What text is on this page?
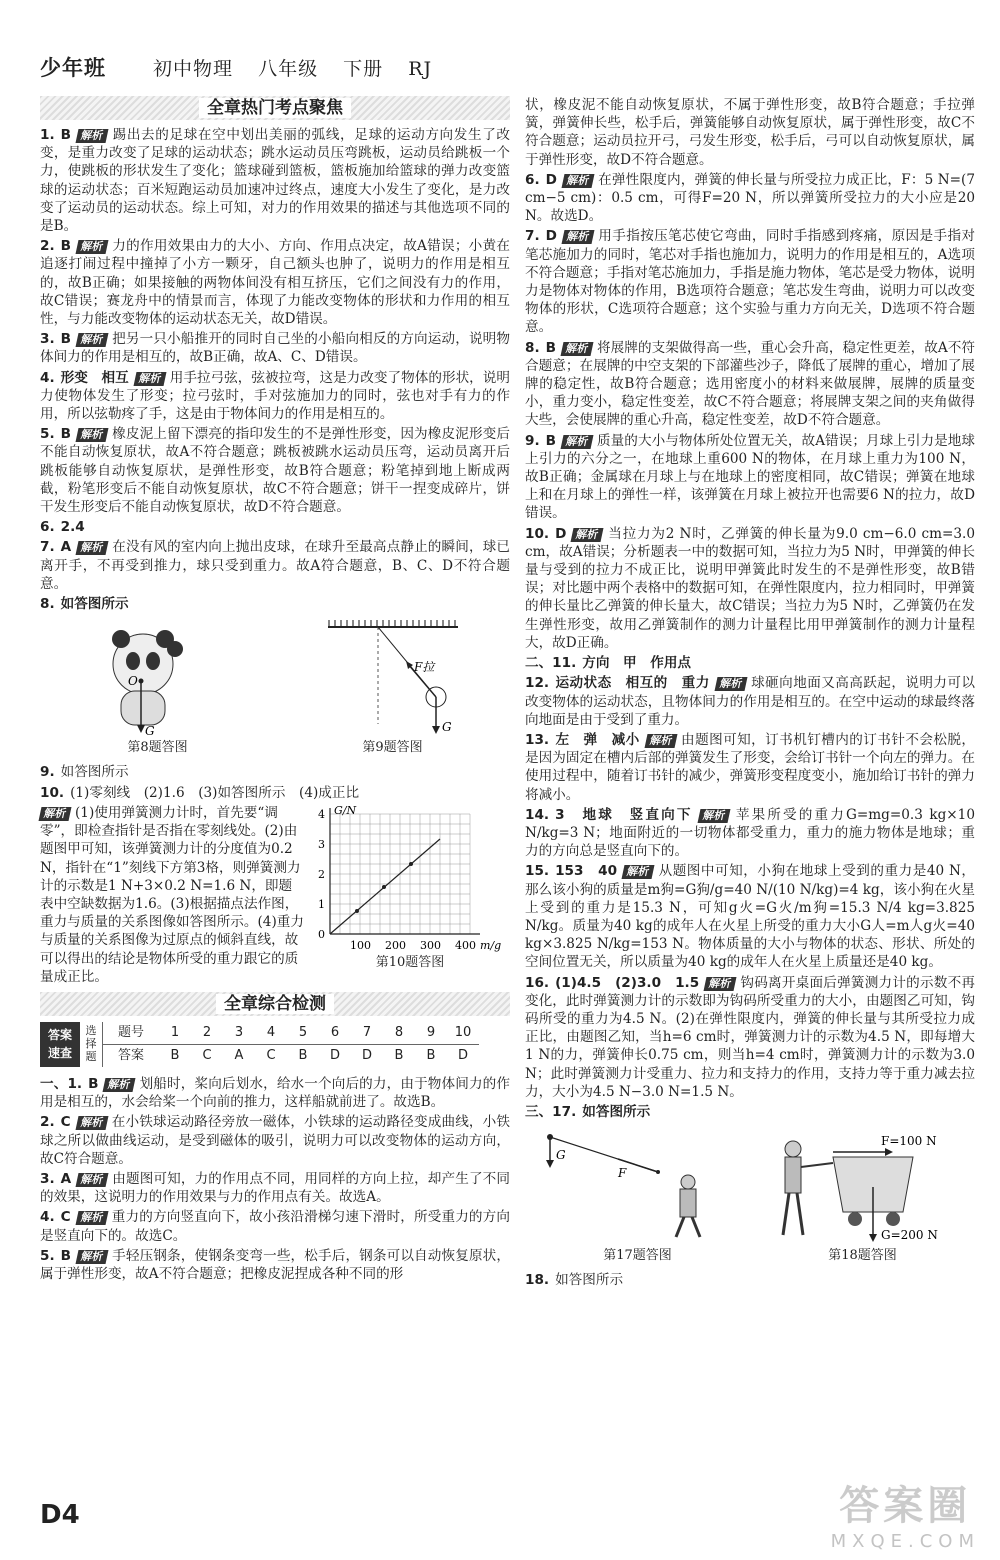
少年班 初中物理 八年级 下册 RJ
全章热门考点聚焦
1. B 解析 踢出去的足球在空中划出美丽的弧线，足球的运动方向发生了改变，是重力改变了足球的运动状态；跳水运动员压弯跳板，运动员给跳板一个力，使跳板的形状发生了变化；篮球碰到篮板，篮板施加给篮球的弹力改变篮球的运动状态；百米短跑运动员加速冲过终点，速度大小发生了变化，是力改变了运动员的运动状态。综上可知，对力的作用效果的描述与其他选项不同的是B。
2. B 解析 力的作用效果由力的大小、方向、作用点决定，故A错误；小黄在追逐打闹过程中撞掉了小方一颗牙，自己额头也肿了，说明力的作用是相互的，故B正确；如果接触的两物体间没有相互挤压，它们之间没有力的作用，故C错误；赛龙舟中的情景而言，体现了力能改变物体的形状和力作用的相互性，与力能改变物体的运动状态无关，故D错误。
3. B 解析 把另一只小船推开的同时自己坐的小船向相反的方向运动，说明物体间力的作用是相互的，故B正确，故A、C、D错误。
4. 形变　相互 解析 用手拉弓弦，弦被拉弯，这是力改变了物体的形状，说明力使物体发生了形变；拉弓弦时，手对弦施加力的同时，弦也对手有力的作用，所以弦勒疼了手，这是由于物体间力的作用是相互的。
5. B 解析 橡皮泥上留下漂亮的指印发生的不是弹性形变，因为橡皮泥形变后不能自动恢复原状，故A不符合题意；跳板被跳水运动员压弯，运动员离开后跳板能够自动恢复原状，是弹性形变，故B符合题意；粉笔掉到地上断成两截，粉笔形变后不能自动恢复原状，故C不符合题意；饼干一捏变成碎片，饼干发生形变后不能自动恢复原状，故D不符合题意。
6. 2.4
7. A 解析 在没有风的室内向上抛出皮球，在球升至最高点静止的瞬间，球已离开手，不再受到推力，球只受到重力。故A符合题意，B、C、D不符合题意。
8. 如答图所示
O
G
第8题答图
F拉
G
第9题答图
9. 如答图所示
10. (1)零刻线　(2)1.6　(3)如答图所示　(4)成正比
解析 (1)使用弹簧测力计时，首先要“调零”，即检查指针是否指在零刻线处。(2)由题图甲可知，该弹簧测力计的分度值为0.2 N，指针在“1”刻线下方第3格，则弹簧测力计的示数是1 N+3×0.2 N=1.6 N，即题表中空缺数据为1.6。(3)根据描点法作图，重力与质量的关系图像如答图所示。(4)重力与质量的关系图像为过原点的倾斜直线，故可以得出的结论是物体所受的重力跟它的质量成正比。
G/N
0
1
2
3
4
100 200 300 400 m/g
第10题答图
全章综合检测
答案
速查
选择题
题号	1	2	3	4	5	6	7	8	9	10
答案	B	C	A	C	B	D	D	B	B	D
一、1. B 解析 划船时，桨向后划水，给水一个向后的力，由于物体间力的作用是相互的，水会给桨一个向前的推力，这样船就前进了。故选B。
2. C 解析 在小铁球运动路径旁放一磁体，小铁球的运动路径变成曲线，小铁球之所以做曲线运动，是受到磁体的吸引，说明力可以改变物体的运动方向，故C符合题意。
3. A 解析 由题图可知，力的作用点不同，用同样的方向上拉，却产生了不同的效果，这说明力的作用效果与力的作用点有关。故选A。
4. C 解析 重力的方向竖直向下，故小孩沿滑梯匀速下滑时，所受重力的方向是竖直向下的。故选C。
5. B 解析 手轻压钢条，使钢条变弯一些，松手后，钢条可以自动恢复原状，属于弹性形变，故A不符合题意；把橡皮泥捏成各种不同的形
状，橡皮泥不能自动恢复原状，不属于弹性形变，故B符合题意；手拉弹簧，弹簧伸长些，松手后，弹簧能够自动恢复原状，属于弹性形变，故C不符合题意；运动员拉开弓，弓发生形变，松手后，弓可以自动恢复原状，属于弹性形变，故D不符合题意。
6. D 解析 在弹性限度内，弹簧的伸长量与所受拉力成正比，F：5 N=(7 cm−5 cm)：0.5 cm，可得F=20 N，所以弹簧所受拉力的大小应是20 N。故选D。
7. D 解析 用手指按压笔芯使它弯曲，同时手指感到疼痛，原因是手指对笔芯施加力的同时，笔芯对手指也施加力，说明力的作用是相互的，A选项不符合题意；手指对笔芯施加力，手指是施力物体，笔芯是受力物体，说明力是物体对物体的作用，B选项符合题意；笔芯发生弯曲，说明力可以改变物体的形状，C选项符合题意；这个实验与重力方向无关，D选项不符合题意。
8. B 解析 将展牌的支架做得高一些，重心会升高，稳定性更差，故A不符合题意；在展牌的中空支架的下部灌些沙子，降低了展牌的重心，增加了展牌的稳定性，故B符合题意；选用密度小的材料来做展牌，展牌的质量变小，重力变小，稳定性变差，故C不符合题意；将展牌支架之间的夹角做得大些，会使展牌的重心升高，稳定性变差，故D不符合题意。
9. B 解析 质量的大小与物体所处位置无关，故A错误；月球上引力是地球上引力的六分之一，在地球上重600 N的物体，在月球上重力为100 N，故B正确；金属球在月球上与在地球上的密度相同，故C错误；弹簧在地球上和在月球上的弹性一样，该弹簧在月球上被拉开也需要6 N的拉力，故D错误。
10. D 解析 当拉力为2 N时，乙弹簧的伸长量为9.0 cm−6.0 cm=3.0 cm，故A错误；分析题表一中的数据可知，当拉力为5 N时，甲弹簧的伸长量与受到的拉力不成正比，说明甲弹簧此时发生的不是弹性形变，故B错误；对比题中两个表格中的数据可知，在弹性限度内，拉力相同时，甲弹簧的伸长量比乙弹簧的伸长量大，故C错误；当拉力为5 N时，乙弹簧仍在发生弹性形变，故用乙弹簧制作的测力计量程比用甲弹簧制作的测力计量程大，故D正确。
二、11. 方向　甲　作用点
12. 运动状态　相互的　重力 解析 球砸向地面又高高跃起，说明力可以改变物体的运动状态，且物体间力的作用是相互的。在空中运动的球最终落向地面是由于受到了重力。
13. 左　弹　减小 解析 由题图可知，订书机钉槽内的订书针不会松脱，是因为固定在槽内后部的弹簧发生了形变，会给订书针一个向左的弹力。在使用过程中，随着订书针的减少，弹簧形变程度变小，施加给订书针的弹力将减小。
14. 3　地球　竖直向下 解析 苹果所受的重力G=mg=0.3 kg×10 N/kg=3 N；地面附近的一切物体都受重力，重力的施力物体是地球；重力的方向总是竖直向下的。
15. 153　40 解析 从题图中可知，小狗在地球上受到的重力是40 N，那么该小狗的质量是m狗=G狗/g=40 N/(10 N/kg)=4 kg，该小狗在火星上受到的重力是15.3 N，可知g火=G火/m狗=15.3 N/4 kg=3.825 N/kg。质量为40 kg的成年人在火星上所受的重力大小G人=m人g火=40 kg×3.825 N/kg=153 N。物体质量的大小与物体的状态、形状、所处的空间位置无关，所以质量为40 kg的成年人在火星上质量还是40 kg。
16. (1)4.5　(2)3.0　1.5 解析 钩码离开桌面后弹簧测力计的示数不再变化，此时弹簧测力计的示数即为钩码所受重力的大小，由题图乙可知，钩码所受的重力为4.5 N。(2)在弹性限度内，弹簧的伸长量与其所受拉力成正比，由题图乙知，当h=6 cm时，弹簧测力计的示数为4.5 N，即每增大1 N的力，弹簧伸长0.75 cm，则当h=4 cm时，弹簧测力计的示数为3.0 N；此时弹簧测力计受重力、拉力和支持力的作用，支持力等于重力减去拉力，大小为4.5 N−3.0 N=1.5 N。
三、17. 如答图所示
G
F
第17题答图
F=100 N
G=200 N
第18题答图
18. 如答图所示
D4	答案圈
MXQE.COM
